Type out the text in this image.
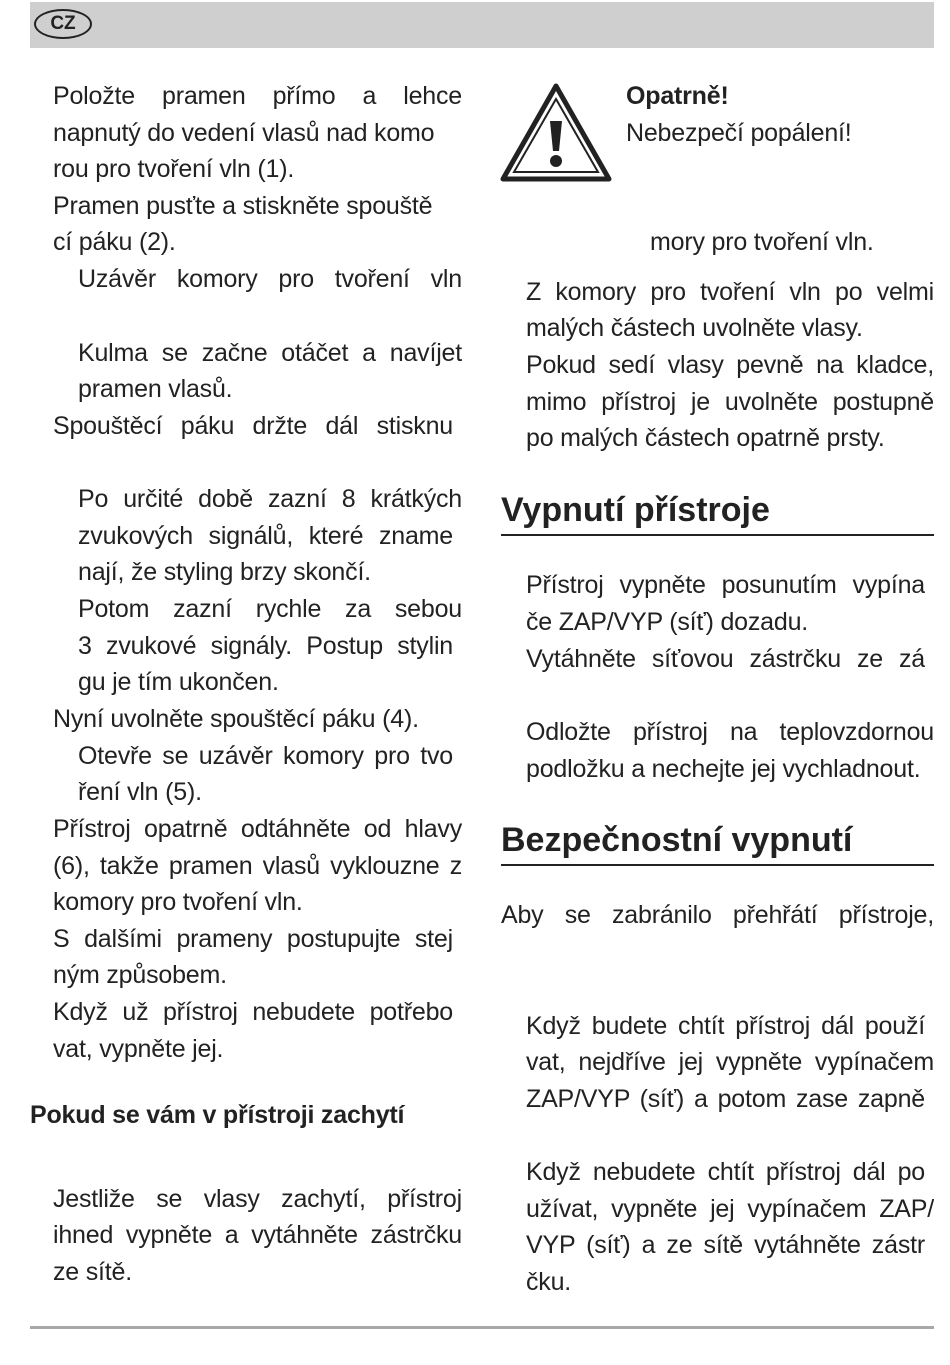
CZ
Položte pramen přímo a lehce
napnutý do vedení vlasů nad komo
rou pro tvoření vln (1).
Pramen pusťte a stiskněte spouště
cí páku (2).
Uzávěr komory pro tvoření vln
Kulma se začne otáčet a navíjet
pramen vlasů.
Spouštěcí páku držte dál stisknu
Po určité době zazní 8 krátkých
zvukových signálů, které zname
nají, že styling brzy skončí.
Potom zazní rychle za sebou
3 zvukové signály. Postup stylin
gu je tím ukončen.
Nyní uvolněte spouštěcí páku (4).
Otevře se uzávěr komory pro tvo
ření vln (5).
Přístroj opatrně odtáhněte od hlavy
(6), takže pramen vlasů vyklouzne z
komory pro tvoření vln.
S dalšími prameny postupujte stej
ným způsobem.
Když už přístroj nebudete potřebo
vat, vypněte jej.
Pokud se vám v přístroji zachytí
Jestliže se vlasy zachytí, přístroj
ihned vypněte a vytáhněte zástrčku
ze sítě.
Opatrně!
Nebezpečí popálení!
mory pro tvoření vln.
Z komory pro tvoření vln po velmi
malých částech uvolněte vlasy.
Pokud sedí vlasy pevně na kladce,
mimo přístroj je uvolněte postupně
po malých částech opatrně prsty.
Vypnutí přístroje
Přístroj vypněte posunutím vypína
če ZAP/VYP (síť) dozadu.
Vytáhněte síťovou zástrčku ze zá
Odložte přístroj na teplovzdornou
podložku a nechejte jej vychladnout.
Bezpečnostní vypnutí
Aby se zabránilo přehřátí přístroje,
Když budete chtít přístroj dál použí
vat, nejdříve jej vypněte vypínačem
ZAP/VYP (síť) a potom zase zapně
Když nebudete chtít přístroj dál po
užívat, vypněte jej vypínačem ZAP/
VYP (síť) a ze sítě vytáhněte zástr
čku.
